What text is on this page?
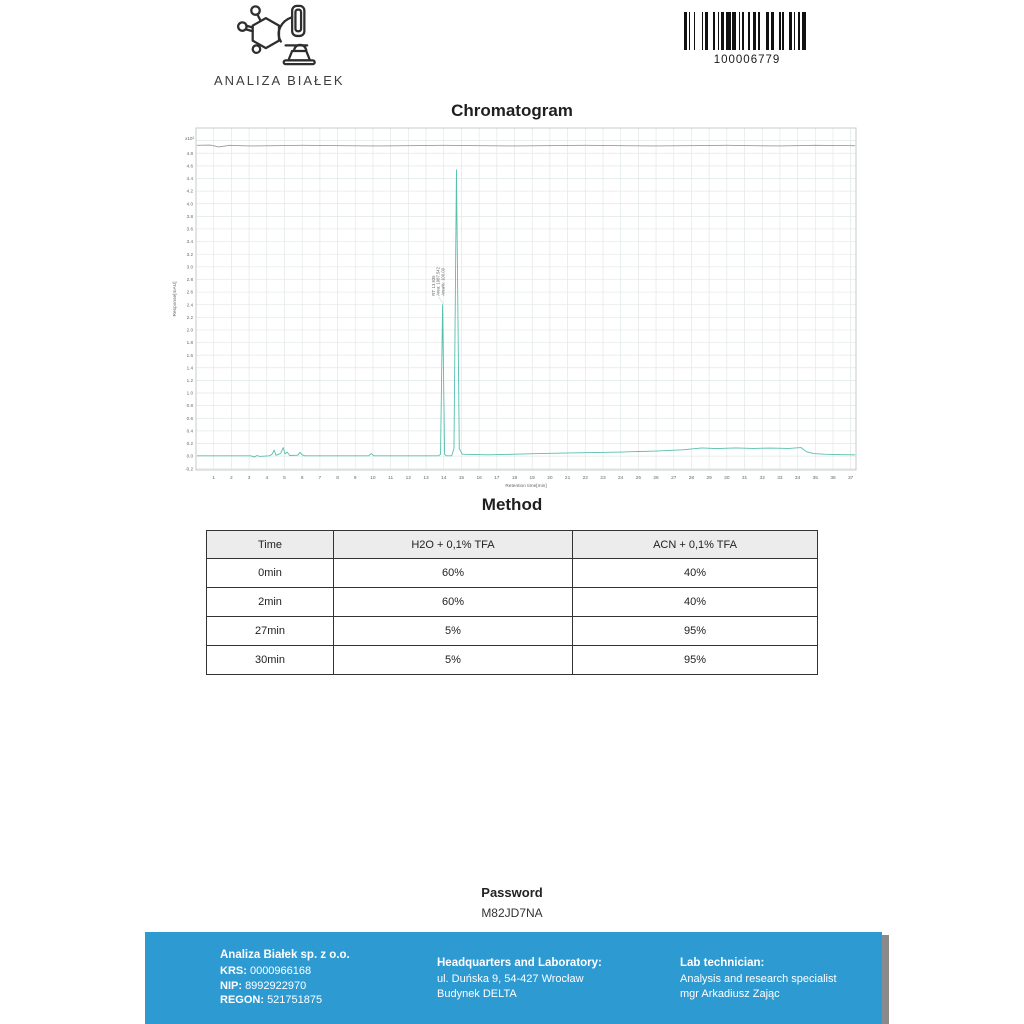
ANALIZA BIAŁEK
100006779
Chromatogram
-0.2
0.0
0.2
0.4
0.6
0.8
1.0
1.2
1.4
1.6
1.8
2.0
2.2
2.4
2.6
2.8
3.0
3.2
3.4
3.6
3.8
4.0
4.2
4.4
4.6
4.8
x10²
1	2	3	4	5	6	7	8	9	10	11	12	13	14	15	16	17	18	19	20	21	22	23	24	25	26	27	28	29	30	31	32	33	34	35	36	37
Retention time[min]
Response[mAU]	RT: 13.935 Area: 1987.542 Area%: 100.00
Method
Time	H2O + 0,1% TFA	ACN + 0,1% TFA
0min	60%	40%
2min	60%	40%
27min	5%	95%
30min	5%	95%
Password
M82JD7NA
Analiza Białek sp. z o.o.
KRS: 0000966168
NIP: 8992922970
REGON: 521751875
Headquarters and Laboratory:
ul. Duńska 9, 54-427 Wrocław
Budynek DELTA
Lab technician:
Analysis and research specialist
mgr Arkadiusz Zając
